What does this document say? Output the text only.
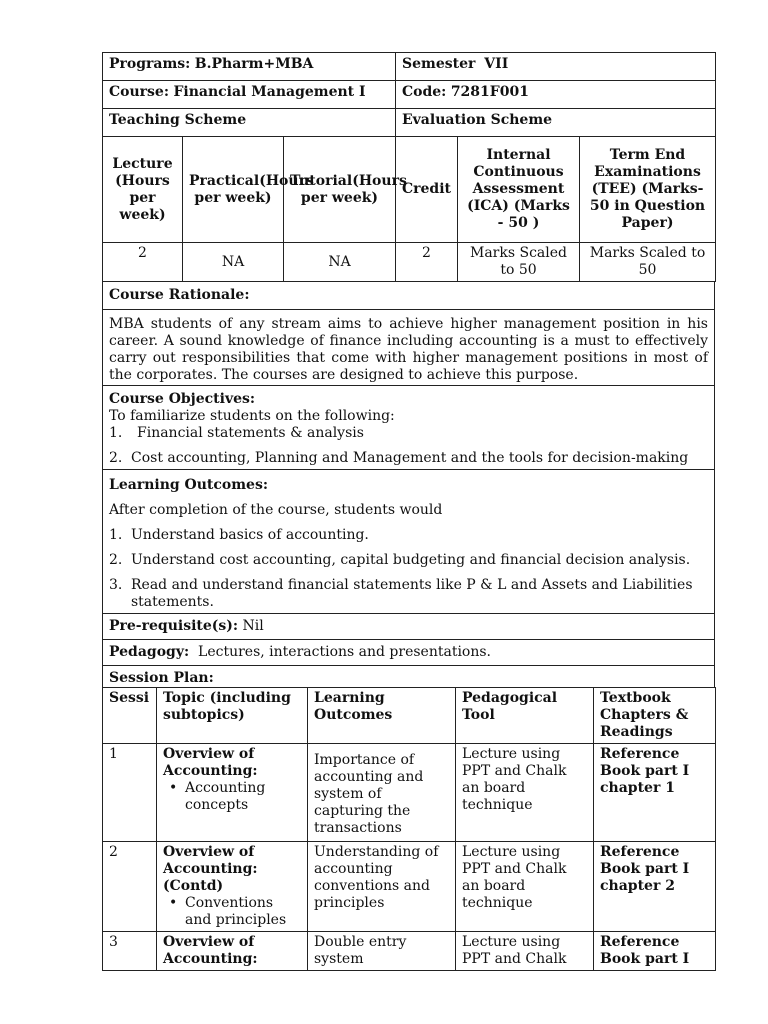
Programs: B.Pharm+MBA	Semester VII
Course: Financial Management I	Code: 7281F001
Teaching Scheme	Evaluation Scheme
Lecture (Hours per week)	Practical(Hours per week)	Tutorial(Hours per week)	Credit	Internal Continuous Assessment (ICA) (Marks - 50 )	Term End Examinations (TEE) (Marks- 50 in Question Paper)
2	NA	NA	2	Marks Scaled to 50	Marks Scaled to 50
Course Rationale:
MBA students of any stream aims to achieve higher management position in his career. A sound knowledge of finance including accounting is a must to effectively carry out responsibilities that come with higher management positions in most of the corporates. The courses are designed to achieve this purpose.

Course Objectives:

To familiarize students on the following:

1. Financial statements & analysis
2. Cost accounting, Planning and Management and the tools for decision-making

Learning Outcomes:

After completion of the course, students would

1. Understand basics of accounting.
2. Understand cost accounting, capital budgeting and financial decision analysis.
3. Read and understand financial statements like P & L and Assets and Liabilities statements.

Pre-requisite(s): Nil
Pedagogy: Lectures, interactions and presentations.
Session Plan:
Sessi	Topic (including subtopics)	Learning Outcomes	Pedagogical Tool	Textbook Chapters & Readings
1	Overview of Accounting:
• Accounting concepts	Importance of accounting and system of capturing the transactions	Lecture using PPT and Chalk an board technique	Reference Book part I chapter 1
2	Overview of Accounting: (Contd)
• Conventions and principles	Understanding of accounting conventions and principles	Lecture using PPT and Chalk an board technique	Reference Book part I chapter 2
3	Overview of Accounting:	Double entry system	Lecture using PPT and Chalk	Reference Book part I
